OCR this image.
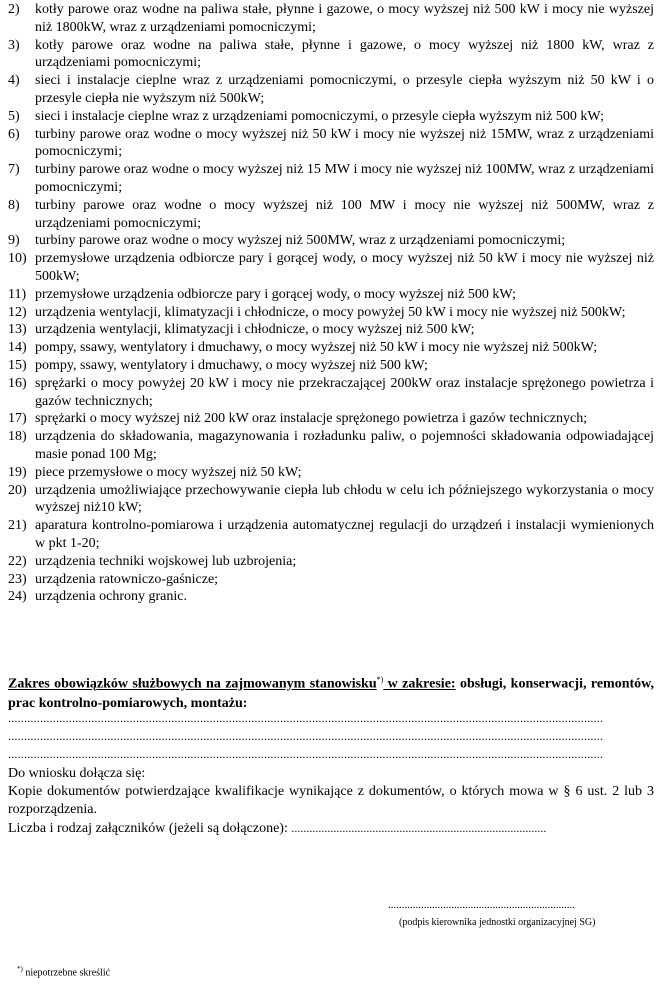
2) kotły parowe oraz wodne na paliwa stałe, płynne i gazowe, o mocy wyższej niż 500 kW i mocy nie wyższej niż 1800kW, wraz z urządzeniami pomocniczymi;
3) kotły parowe oraz wodne na paliwa stałe, płynne i gazowe, o mocy wyższej niż 1800 kW, wraz z urządzeniami pomocniczymi;
4) sieci i instalacje cieplne wraz z urządzeniami pomocniczymi, o przesyle ciepła wyższym niż 50 kW i o przesyle ciepła nie wyższym niż 500kW;
5) sieci i instalacje cieplne wraz z urządzeniami pomocniczymi, o przesyle ciepła wyższym niż 500 kW;
6) turbiny parowe oraz wodne o mocy wyższej niż 50 kW i mocy nie wyższej niż 15MW, wraz z urządzeniami pomocniczymi;
7) turbiny parowe oraz wodne o mocy wyższej niż 15 MW i mocy nie wyższej niż 100MW, wraz z urządzeniami pomocniczymi;
8) turbiny parowe oraz wodne o mocy wyższej niż 100 MW i mocy nie wyższej niż 500MW, wraz z urządzeniami pomocniczymi;
9) turbiny parowe oraz wodne o mocy wyższej niż 500MW, wraz z urządzeniami pomocniczymi;
10) przemysłowe urządzenia odbiorcze pary i gorącej wody, o mocy wyższej niż 50 kW i mocy nie wyższej niż 500kW;
11) przemysłowe urządzenia odbiorcze pary i gorącej wody, o mocy wyższej niż 500 kW;
12) urządzenia wentylacji, klimatyzacji i chłodnicze, o mocy powyżej 50 kW i mocy nie wyższej niż 500kW;
13) urządzenia wentylacji, klimatyzacji i chłodnicze, o mocy wyższej niż 500 kW;
14) pompy, ssawy, wentylatory i dmuchawy, o mocy wyższej niż 50 kW i mocy nie wyższej niż 500kW;
15) pompy, ssawy, wentylatory i dmuchawy, o mocy wyższej niż 500 kW;
16) sprężarki o mocy powyżej 20 kW i mocy nie przekraczającej 200kW oraz instalacje sprężonego powietrza i gazów technicznych;
17) sprężarki o mocy wyższej niż 200 kW oraz instalacje sprężonego powietrza i gazów technicznych;
18) urządzenia do składowania, magazynowania i rozładunku paliw, o pojemności składowania odpowiadającej masie ponad 100 Mg;
19) piece przemysłowe o mocy wyższej niż 50 kW;
20) urządzenia umożliwiające przechowywanie ciepła lub chłodu w celu ich późniejszego wykorzystania o mocy wyższej niż10 kW;
21) aparatura kontrolno-pomiarowa i urządzenia automatycznej regulacji do urządzeń i instalacji wymienionych w pkt 1-20;
22) urządzenia techniki wojskowej lub uzbrojenia;
23) urządzenia ratowniczo-gaśnicze;
24) urządzenia ochrony granic.
Zakres obowiązków służbowych na zajmowanym stanowisku*) w zakresie: obsługi, konserwacji, remontów, prac kontrolno-pomiarowych, montażu:
..........................................................................................................................................................................................
..........................................................................................................................................................................................
..........................................................................................................................................................................................
Do wniosku dołącza się:
Kopie dokumentów potwierdzające kwalifikacje wynikające z dokumentów, o których mowa w § 6 ust. 2 lub 3 rozporządzenia.
Liczba i rodzaj załączników (jeżeli są dołączone): .....................................................................................
....................................................................
(podpis kierownika jednostki organizacyjnej SG)
*) niepotrzebne skreślić
